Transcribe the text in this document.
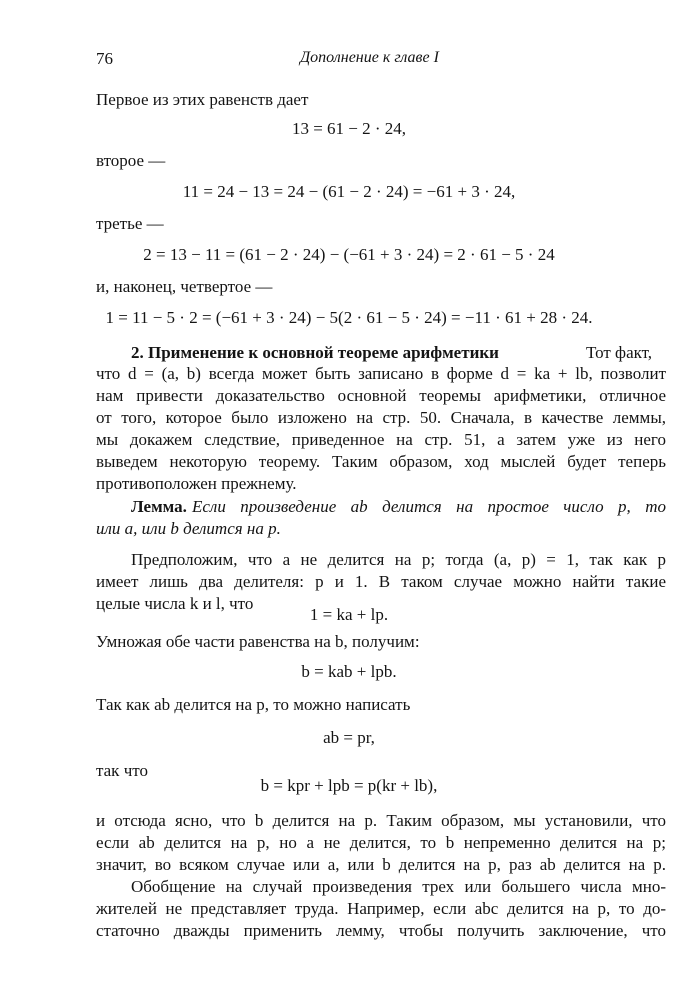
76	Дополнение к главе I
Первое из этих равенств дает
13 = 61 − 2 · 24,
второе —
11 = 24 − 13 = 24 − (61 − 2 · 24) = −61 + 3 · 24,
третье —
2 = 13 − 11 = (61 − 2 · 24) − (−61 + 3 · 24) = 2 · 61 − 5 · 24
и, наконец, четвертое —
1 = 11 − 5 · 2 = (−61 + 3 · 24) − 5(2 · 61 − 5 · 24) = −11 · 61 + 28 · 24.
2. Применение к основной теореме арифметики	Тот факт,
что d = (a, b) всегда может быть записано в форме d = ka + lb, позволит
нам привести доказательство основной теоремы арифметики, отличное
от того, которое было изложено на стр. 50. Сначала, в качестве леммы,
мы докажем следствие, приведенное на стр. 51, а затем уже из него
выведем некоторую теорему. Таким образом, ход мыслей будет теперь
противоположен прежнему.
Лемма. Если произведение ab делится на простое число p, то
или a, или b делится на p.
Предположим, что a не делится на p; тогда (a, p) = 1, так как p
имеет лишь два делителя: p и 1. В таком случае можно найти такие
целые числа k и l, что
1 = ka + lp.
Умножая обе части равенства на b, получим:
b = kab + lpb.
Так как ab делится на p, то можно написать
ab = pr,
так что
b = kpr + lpb = p(kr + lb),
и отсюда ясно, что b делится на p. Таким образом, мы установили, что
если ab делится на p, но a не делится, то b непременно делится на p;
значит, во всяком случае или a, или b делится на p, раз ab делится на p.
Обобщение на случай произведения трех или большего числа мно-
жителей не представляет труда. Например, если abc делится на p, то до-
статочно дважды применить лемму, чтобы получить заключение, что
